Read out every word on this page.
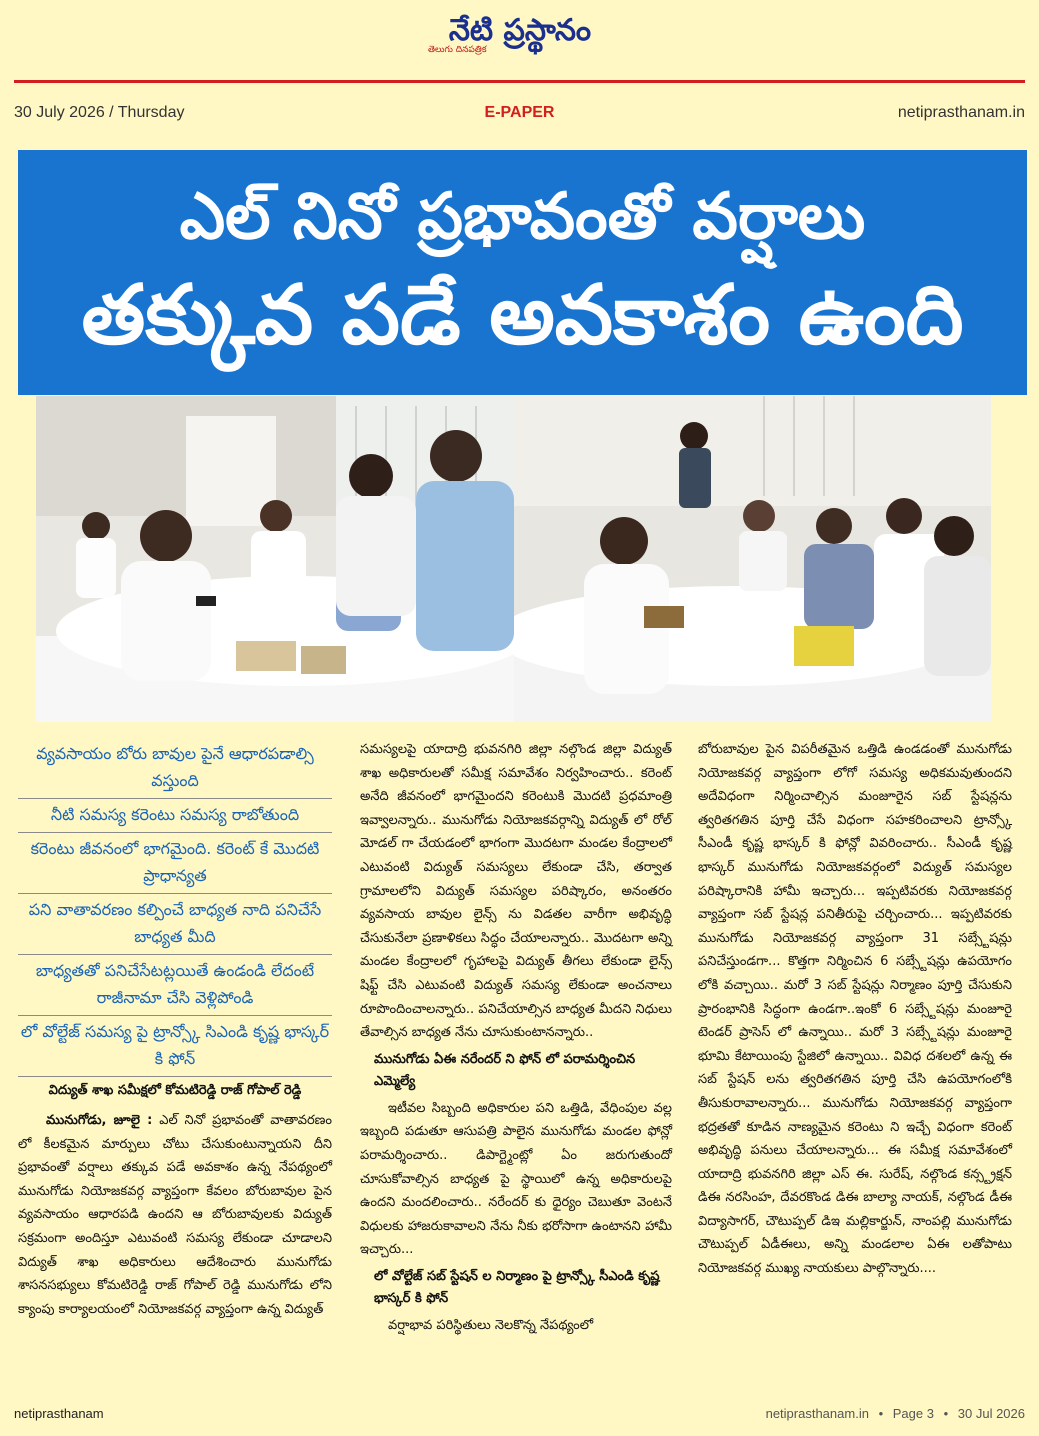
నేటి ప్రస్థానం
తెలుగు దినపత్రిక
30 July 2026 / Thursday	E-PAPER	netiprasthanam.in
ఎల్ నినో ప్రభావంతో వర్షాలు
తక్కువ పడే అవకాశం ఉంది
వ్యవసాయం బోరు బావుల పైనే ఆధారపడాల్సి వస్తుంది
నీటి సమస్య కరెంటు సమస్య రాబోతుంది
కరెంటు జీవనంలో భాగమైంది. కరెంట్ కే మొదటి ప్రాధాన్యత
పని వాతావరణం కల్పించే బాధ్యత నాది పనిచేసే బాధ్యత మీది
బాధ్యతతో పనిచేసేటట్లయితే ఉండండి లేదంటే రాజీనామా చేసి వెళ్లిపోండి
లో వోల్టేజ్ సమస్య పై ట్రాన్స్కో సిఎండి కృష్ణ భాస్కర్ కి ఫోన్
విద్యుత్ శాఖ సమీక్షలో కోమటిరెడ్డి రాజ్ గోపాల్ రెడ్డి

మునుగోడు, జూలై : ఎల్ నినో ప్రభావంతో వాతావరణం లో కీలకమైన మార్పులు చోటు చేసుకుంటున్నాయని దీని ప్రభావంతో వర్షాలు తక్కువ పడే అవకాశం ఉన్న నేపథ్యంలో మునుగోడు నియోజకవర్గ వ్యాప్తంగా కేవలం బోరుబావుల పైన వ్యవసాయం ఆధారపడి ఉందని ఆ బోరుబావులకు విద్యుత్ సక్రమంగా అందిస్తూ ఎటువంటి సమస్య లేకుండా చూడాలని విద్యుత్ శాఖ అధికారులు ఆదేశించారు మునుగోడు శాసనసభ్యులు కోమటిరెడ్డి రాజ్ గోపాల్ రెడ్డి మునుగోడు లోని క్యాంపు కార్యాలయంలో నియోజకవర్గ వ్యాప్తంగా ఉన్న విద్యుత్

సమస్యలపై యాదాద్రి భువనగిరి జిల్లా నల్గొండ జిల్లా విద్యుత్ శాఖ అధికారులతో సమీక్ష సమావేశం నిర్వహించారు.. కరెంట్ అనేది జీవనంలో భాగమైందని కరెంటుకి మొదటి ప్రధమాంత్రి ఇవ్వాలన్నారు.. మునుగోడు నియోజకవర్గాన్ని విద్యుత్ లో రోల్ మోడల్ గా చేయడంలో భాగంగా మొదటగా మండల కేంద్రాలలో ఎటువంటి విద్యుత్ సమస్యలు లేకుండా చేసి, తర్వాత గ్రామాలలోని విద్యుత్ సమస్యల పరిష్కారం, అనంతరం వ్యవసాయ బావుల లైన్స్ ను విడతల వారీగా అభివృద్ధి చేసుకునేలా ప్రణాళికలు సిద్ధం చేయాలన్నారు.. మొదటగా అన్ని మండల కేంద్రాలలో గృహాలపై విద్యుత్ తీగలు లేకుండా లైన్స్ షిఫ్ట్ చేసి ఎటువంటి విద్యుత్ సమస్య లేకుండా అంచనాలు రూపొందించాలన్నారు.. పనిచేయాల్సిన బాధ్యత మీదని నిధులు తేవాల్సిన బాధ్యత నేను చూసుకుంటానన్నారు..

మునుగోడు ఏఈ నరేందర్ ని ఫోన్ లో పరామర్శించిన ఎమ్మెల్యే

ఇటీవల సిబ్బంది అధికారుల పని ఒత్తిడి, వేధింపుల వల్ల ఇబ్బంది పడుతూ ఆసుపత్రి పాలైన మునుగోడు మండల ఫోన్లో పరామర్శించారు.. డిపార్ట్మెంట్లో ఏం జరుగుతుందో చూసుకోవాల్సిన బాధ్యత పై స్థాయిలో ఉన్న అధికారులపై ఉందని మందలించారు.. నరేందర్ కు ధైర్యం చెబుతూ వెంటనే విధులకు హాజరుకావాలని నేను నీకు భరోసాగా ఉంటానని హామీ ఇచ్చారు...

లో వోల్టేజ్ సబ్ స్టేషన్ ల నిర్మాణం పై ట్రాన్స్కో సీఎండి కృష్ణ భాస్కర్ కి ఫోన్

వర్షాభావ పరిస్థితులు నెలకొన్న నేపథ్యంలో

బోరుబావుల పైన విపరీతమైన ఒత్తిడి ఉండడంతో మునుగోడు నియోజకవర్గ వ్యాప్తంగా లోగో సమస్య అధికమవుతుందని అదేవిధంగా నిర్మించాల్సిన మంజూరైన సబ్ స్టేషన్లను త్వరితగతిన పూర్తి చేసే విధంగా సహకరించాలని ట్రాన్స్కో సీఎండీ కృష్ణ భాస్కర్ కి ఫోన్లో వివరించారు.. సీఎండీ కృష్ణ భాస్కర్ మునుగోడు నియోజకవర్గంలో విద్యుత్ సమస్యల పరిష్కారానికి హామీ ఇచ్చారు... ఇప్పటివరకు నియోజకవర్గ వ్యాప్తంగా సబ్ స్టేషన్ల పనితీరుపై చర్చించారు... ఇప్పటివరకు మునుగోడు నియోజకవర్గ వ్యాప్తంగా 31 సబ్స్టేషన్లు పనిచేస్తుండగా... కొత్తగా నిర్మించిన 6 సబ్స్టేషన్లు ఉపయోగం లోకి వచ్చాయి.. మరో 3 సబ్ స్టేషన్లు నిర్మాణం పూర్తి చేసుకుని ప్రారంభానికి సిద్ధంగా ఉండగా..ఇంకో 6 సబ్స్టేషన్లు మంజూరై టెండర్ ప్రాసెస్ లో ఉన్నాయి.. మరో 3 సబ్స్టేషన్లు మంజూరై భూమి కేటాయింపు స్టేజిలో ఉన్నాయి.. వివిధ దశలలో ఉన్న ఈ సబ్ స్టేషన్ లను త్వరితగతిన పూర్తి చేసి ఉపయోగంలోకి తీసుకురావాలన్నారు... మునుగోడు నియోజకవర్గ వ్యాప్తంగా భద్రతతో కూడిన నాణ్యమైన కరెంటు ని ఇచ్చే విధంగా కరెంట్ అభివృద్ధి పనులు చేయాలన్నారు... ఈ సమీక్ష సమావేశంలో యాదాద్రి భువనగిరి జిల్లా ఎస్ ఈ. సురేష్, నల్గొండ కన్స్ట్రక్షన్ డిఈ నరసింహ, దేవరకొండ డిఈ బాల్యా నాయక్, నల్గొండ డీఈ విద్యాసాగర్, చౌటుప్పల్ డిఇ మల్లికార్జున్, నాంపల్లి మునుగోడు చౌటుప్పల్ ఏడీఈలు, అన్ని మండలాల ఏఈ లతోపాటు నియోజకవర్గ ముఖ్య నాయకులు పాల్గొన్నారు....

netiprasthanam	netiprasthanam.in • Page 3 • 30 Jul 2026
